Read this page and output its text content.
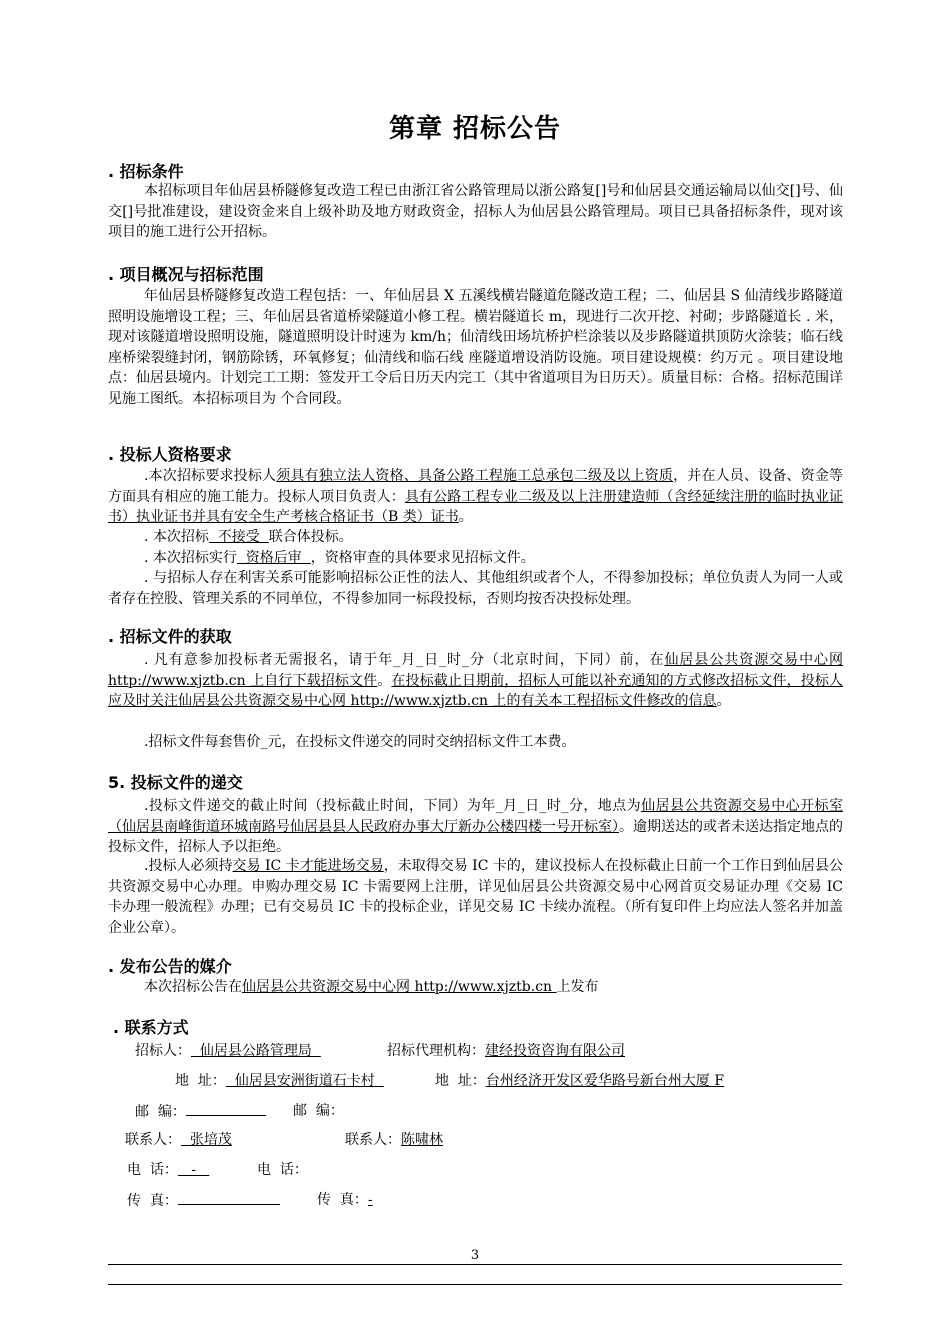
第章 招标公告
. 招标条件
本招标项目年仙居县桥隧修复改造工程已由浙江省公路管理局以浙公路复[]号和仙居县交通运输局以仙交[]号、仙交[]号批准建设，建设资金来自上级补助及地方财政资金，招标人为仙居县公路管理局。项目已具备招标条件，现对该项目的施工进行公开招标。
. 项目概况与招标范围
年仙居县桥隧修复改造工程包括：一、年仙居县 X 五溪线横岩隧道危隧改造工程；二、仙居县 S 仙清线步路隧道照明设施增设工程；三、年仙居县省道桥梁隧道小修工程。横岩隧道长 m，现进行二次开挖、衬砌；步路隧道长 . 米，现对该隧道增设照明设施，隧道照明设计时速为 km/h；仙清线田场坑桥护栏涂装以及步路隧道拱顶防火涂装；临石线 座桥梁裂缝封闭，钢筋除锈，环氧修复；仙清线和临石线 座隧道增设消防设施。项目建设规模：约万元 。项目建设地点：仙居县境内。计划完工工期：签发开工令后日历天内完工（其中省道项目为日历天）。质量目标：合格。招标范围详见施工图纸。本招标项目为 个合同段。
. 投标人资格要求
.本次招标要求投标人须具有独立法人资格、具备公路工程施工总承包二级及以上资质，并在人员、设备、资金等方面具有相应的施工能力。投标人项目负责人：具有公路工程专业二级及以上注册建造师（含经延续注册的临时执业证书）执业证书并具有安全生产考核合格证书（B 类）证书。
. 本次招标  不接受  联合体投标。
. 本次招标实行  资格后审  ，资格审查的具体要求见招标文件。
. 与招标人存在利害关系可能影响招标公正性的法人、其他组织或者个人，不得参加投标；单位负责人为同一人或者存在控股、管理关系的不同单位，不得参加同一标段投标，否则均按否决投标处理。
. 招标文件的获取
. 凡有意参加投标者无需报名，请于年_月_日_时_分（北京时间，下同）前，在仙居县公共资源交易中心网 http://www.xjztb.cn 上自行下载招标文件。在投标截止日期前，招标人可能以补充通知的方式修改招标文件，投标人应及时关注仙居县公共资源交易中心网 http://www.xjztb.cn 上的有关本工程招标文件修改的信息。
.招标文件每套售价_元，在投标文件递交的同时交纳招标文件工本费。
5. 投标文件的递交
.投标文件递交的截止时间（投标截止时间，下同）为年_月_日_时_分，地点为仙居县公共资源交易中心开标室（仙居县南峰街道环城南路号仙居县县人民政府办事大厅新办公楼四楼一号开标室）。逾期送达的或者未送达指定地点的投标文件，招标人予以拒绝。
.投标人必须持交易 IC 卡才能进场交易，未取得交易 IC 卡的，建议投标人在投标截止日前一个工作日到仙居县公共资源交易中心办理。申购办理交易 IC 卡需要网上注册，详见仙居县公共资源交易中心网首页交易证办理《交易 IC 卡办理一般流程》办理；已有交易员 IC 卡的投标企业，详见交易 IC 卡续办流程。（所有复印件上均应法人签名并加盖企业公章）。
. 发布公告的媒介
本次招标公告在仙居县公共资源交易中心网 http://www.xjztb.cn 上发布
. 联系方式
招标人：  仙居县公路管理局	招标代理机构：建经投资咨询有限公司
地  址：  仙居县安洲街道石卡村	地  址：台州经济开发区爱华路号新台州大厦 F
邮  编：	邮  编：
联系人：  张培茂	联系人：陈啸林
电  话：   -	电  话：
传  真：	传  真：-
3
